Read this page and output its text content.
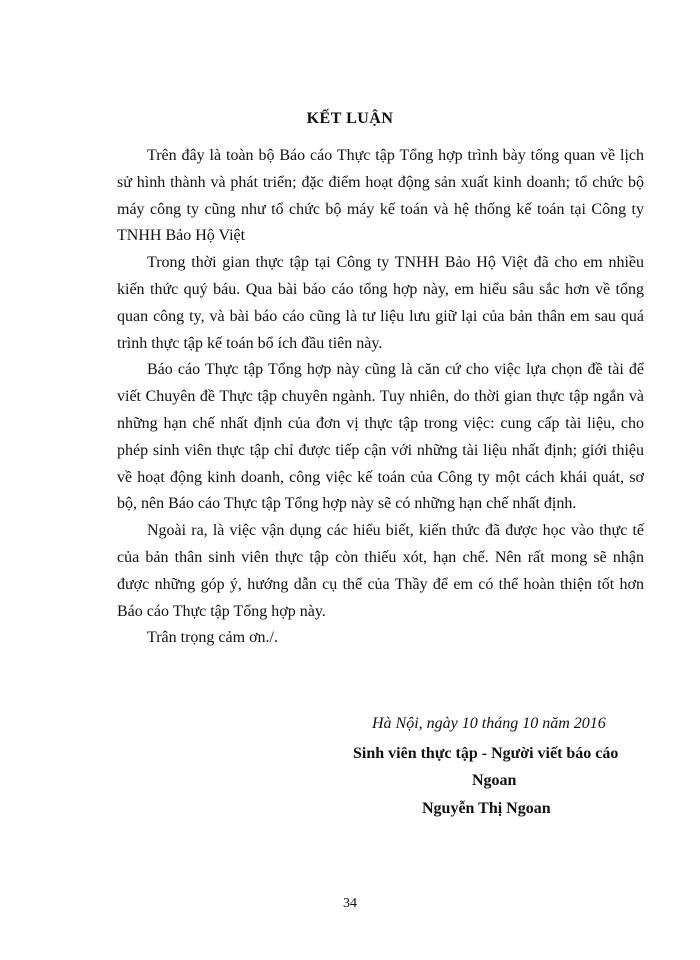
KẾT LUẬN

Trên đây là toàn bộ Báo cáo Thực tập Tổng hợp trình bày tổng quan về lịch sử hình thành và phát triển; đặc điểm hoạt động sản xuất kinh doanh; tổ chức bộ máy công ty cũng như tổ chức bộ máy kế toán và hệ thống kế toán tại Công ty TNHH Bảo Hộ Việt

Trong thời gian thực tập tại Công ty TNHH Bảo Hộ Việt đã cho em nhiều kiến thức quý báu. Qua bài báo cáo tổng hợp này, em hiểu sâu sắc hơn về tổng quan công ty, và bài báo cáo cũng là tư liệu lưu giữ lại của bản thân em sau quá trình thực tập kế toán bổ ích đầu tiên này.

Báo cáo Thực tập Tổng hợp này cũng là căn cứ cho việc lựa chọn đề tài để viết Chuyên đề Thực tập chuyên ngành. Tuy nhiên, do thời gian thực tập ngắn và những hạn chế nhất định của đơn vị thực tập trong việc: cung cấp tài liệu, cho phép sinh viên thực tập chỉ được tiếp cận với những tài liệu nhất định; giới thiệu về hoạt động kinh doanh, công việc kế toán của Công ty một cách khái quát, sơ bộ, nên Báo cáo Thực tập Tổng hợp này sẽ có những hạn chế nhất định.

Ngoài ra, là việc vận dụng các hiểu biết, kiến thức đã được học vào thực tế của bản thân sinh viên thực tập còn thiếu xót, hạn chế. Nên rất mong sẽ nhận được những góp ý, hướng dẫn cụ thể của Thầy để em có thể hoàn thiện tốt hơn Báo cáo Thực tập Tổng hợp này.

Trân trọng cảm ơn./.

Hà Nội, ngày 10 tháng 10 năm 2016
Sinh viên thực tập - Người viết báo cáo
Ngoan
Nguyễn Thị Ngoan
34
